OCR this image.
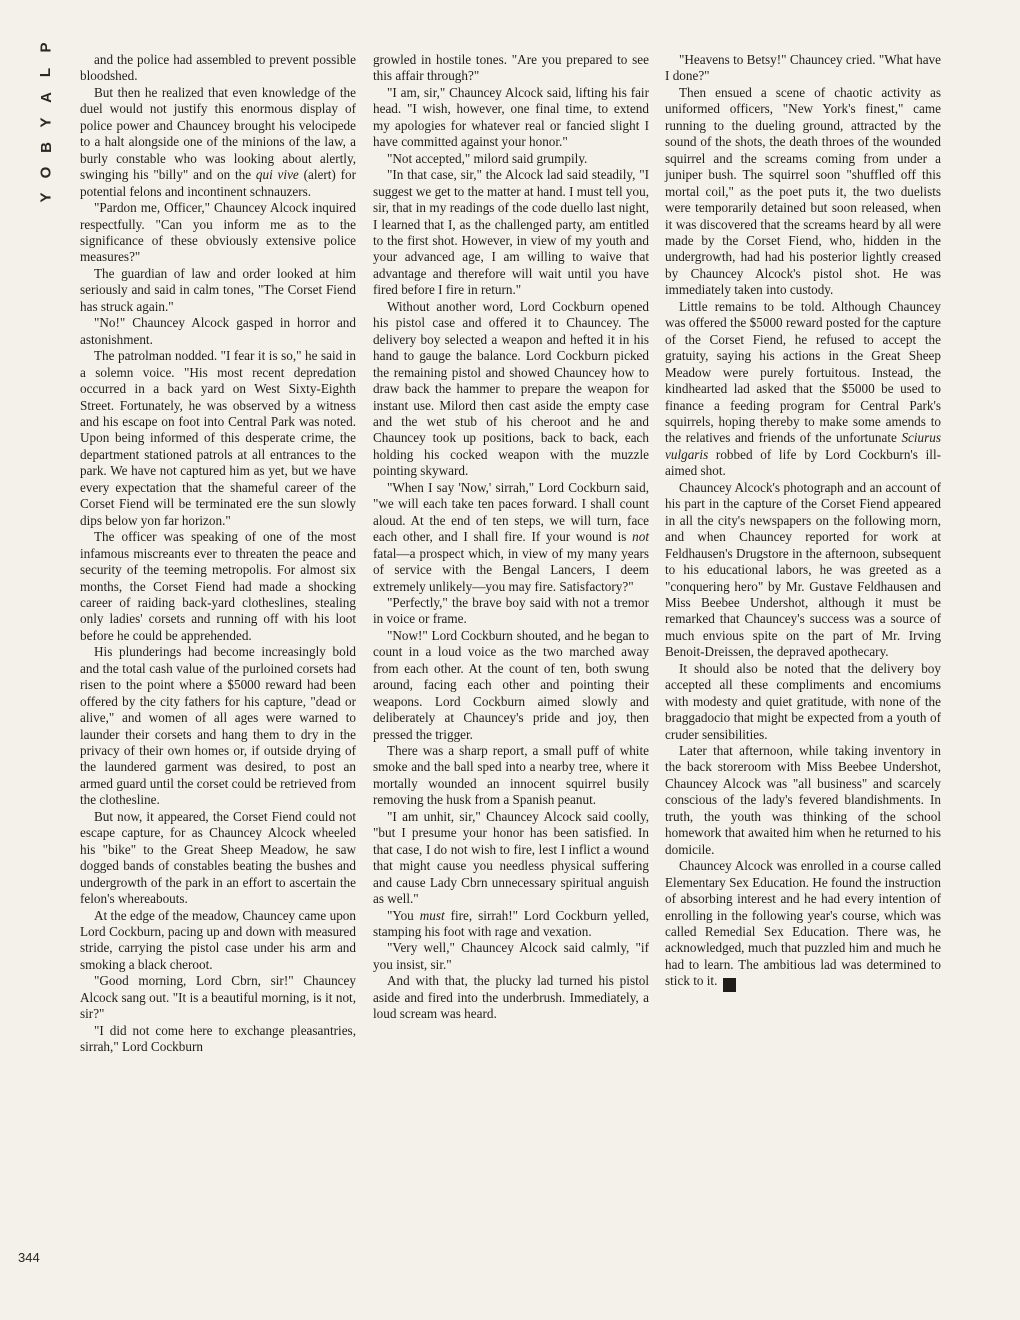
P
L
A
Y
B
O
Y
344

and the police had assembled to prevent possible bloodshed.

But then he realized that even knowledge of the duel would not justify this enormous display of police power and Chauncey brought his velocipede to a halt alongside one of the minions of the law, a burly constable who was looking about alertly, swinging his "billy" and on the qui vive (alert) for potential felons and incontinent schnauzers.

"Pardon me, Officer," Chauncey Alcock inquired respectfully. "Can you inform me as to the significance of these obviously extensive police measures?"

The guardian of law and order looked at him seriously and said in calm tones, "The Corset Fiend has struck again."

"No!" Chauncey Alcock gasped in horror and astonishment.

The patrolman nodded. "I fear it is so," he said in a solemn voice. "His most recent depredation occurred in a back yard on West Sixty-Eighth Street. Fortunately, he was observed by a witness and his escape on foot into Central Park was noted. Upon being informed of this desperate crime, the department stationed patrols at all entrances to the park. We have not captured him as yet, but we have every expectation that the shameful career of the Corset Fiend will be terminated ere the sun slowly dips below yon far horizon."

The officer was speaking of one of the most infamous miscreants ever to threaten the peace and security of the teeming metropolis. For almost six months, the Corset Fiend had made a shocking career of raiding back-yard clotheslines, stealing only ladies' corsets and running off with his loot before he could be apprehended.

His plunderings had become increasingly bold and the total cash value of the purloined corsets had risen to the point where a $5000 reward had been offered by the city fathers for his capture, "dead or alive," and women of all ages were warned to launder their corsets and hang them to dry in the privacy of their own homes or, if outside drying of the laundered garment was desired, to post an armed guard until the corset could be retrieved from the clothesline.

But now, it appeared, the Corset Fiend could not escape capture, for as Chauncey Alcock wheeled his "bike" to the Great Sheep Meadow, he saw dogged bands of constables beating the bushes and undergrowth of the park in an effort to ascertain the felon's whereabouts.

At the edge of the meadow, Chauncey came upon Lord Cockburn, pacing up and down with measured stride, carrying the pistol case under his arm and smoking a black cheroot.

"Good morning, Lord Cbrn, sir!" Chauncey Alcock sang out. "It is a beautiful morning, is it not, sir?"

"I did not come here to exchange pleasantries, sirrah," Lord Cockburn

growled in hostile tones. "Are you prepared to see this affair through?"

"I am, sir," Chauncey Alcock said, lifting his fair head. "I wish, however, one final time, to extend my apologies for whatever real or fancied slight I have committed against your honor."

"Not accepted," milord said grumpily.

"In that case, sir," the Alcock lad said steadily, "I suggest we get to the matter at hand. I must tell you, sir, that in my readings of the code duello last night, I learned that I, as the challenged party, am entitled to the first shot. However, in view of my youth and your advanced age, I am willing to waive that advantage and therefore will wait until you have fired before I fire in return."

Without another word, Lord Cockburn opened his pistol case and offered it to Chauncey. The delivery boy selected a weapon and hefted it in his hand to gauge the balance. Lord Cockburn picked the remaining pistol and showed Chauncey how to draw back the hammer to prepare the weapon for instant use. Milord then cast aside the empty case and the wet stub of his cheroot and he and Chauncey took up positions, back to back, each holding his cocked weapon with the muzzle pointing skyward.

"When I say 'Now,' sirrah," Lord Cockburn said, "we will each take ten paces forward. I shall count aloud. At the end of ten steps, we will turn, face each other, and I shall fire. If your wound is not fatal—a prospect which, in view of my many years of service with the Bengal Lancers, I deem extremely unlikely—you may fire. Satisfactory?"

"Perfectly," the brave boy said with not a tremor in voice or frame.

"Now!" Lord Cockburn shouted, and he began to count in a loud voice as the two marched away from each other. At the count of ten, both swung around, facing each other and pointing their weapons. Lord Cockburn aimed slowly and deliberately at Chauncey's pride and joy, then pressed the trigger.

There was a sharp report, a small puff of white smoke and the ball sped into a nearby tree, where it mortally wounded an innocent squirrel busily removing the husk from a Spanish peanut.

"I am unhit, sir," Chauncey Alcock said coolly, "but I presume your honor has been satisfied. In that case, I do not wish to fire, lest I inflict a wound that might cause you needless physical suffering and cause Lady Cbrn unnecessary spiritual anguish as well."

"You must fire, sirrah!" Lord Cockburn yelled, stamping his foot with rage and vexation.

"Very well," Chauncey Alcock said calmly, "if you insist, sir."

And with that, the plucky lad turned his pistol aside and fired into the underbrush. Immediately, a loud scream was heard.

"Heavens to Betsy!" Chauncey cried. "What have I done?"

Then ensued a scene of chaotic activity as uniformed officers, "New York's finest," came running to the dueling ground, attracted by the sound of the shots, the death throes of the wounded squirrel and the screams coming from under a juniper bush. The squirrel soon "shuffled off this mortal coil," as the poet puts it, the two duelists were temporarily detained but soon released, when it was discovered that the screams heard by all were made by the Corset Fiend, who, hidden in the undergrowth, had had his posterior lightly creased by Chauncey Alcock's pistol shot. He was immediately taken into custody.

Little remains to be told. Although Chauncey was offered the $5000 reward posted for the capture of the Corset Fiend, he refused to accept the gratuity, saying his actions in the Great Sheep Meadow were purely fortuitous. Instead, the kindhearted lad asked that the $5000 be used to finance a feeding program for Central Park's squirrels, hoping thereby to make some amends to the relatives and friends of the unfortunate Sciurus vulgaris robbed of life by Lord Cockburn's ill-aimed shot.

Chauncey Alcock's photograph and an account of his part in the capture of the Corset Fiend appeared in all the city's newspapers on the following morn, and when Chauncey reported for work at Feldhausen's Drugstore in the afternoon, subsequent to his educational labors, he was greeted as a "conquering hero" by Mr. Gustave Feldhausen and Miss Beebee Undershot, although it must be remarked that Chauncey's success was a source of much envious spite on the part of Mr. Irving Benoit-Dreissen, the depraved apothecary.

It should also be noted that the delivery boy accepted all these compliments and encomiums with modesty and quiet gratitude, with none of the braggadocio that might be expected from a youth of cruder sensibilities.

Later that afternoon, while taking inventory in the back storeroom with Miss Beebee Undershot, Chauncey Alcock was "all business" and scarcely conscious of the lady's fevered blandishments. In truth, the youth was thinking of the school homework that awaited him when he returned to his domicile.

Chauncey Alcock was enrolled in a course called Elementary Sex Education. He found the instruction of absorbing interest and he had every intention of enrolling in the following year's course, which was called Remedial Sex Education. There was, he acknowledged, much that puzzled him and much he had to learn. The ambitious lad was determined to stick to it. ❀
